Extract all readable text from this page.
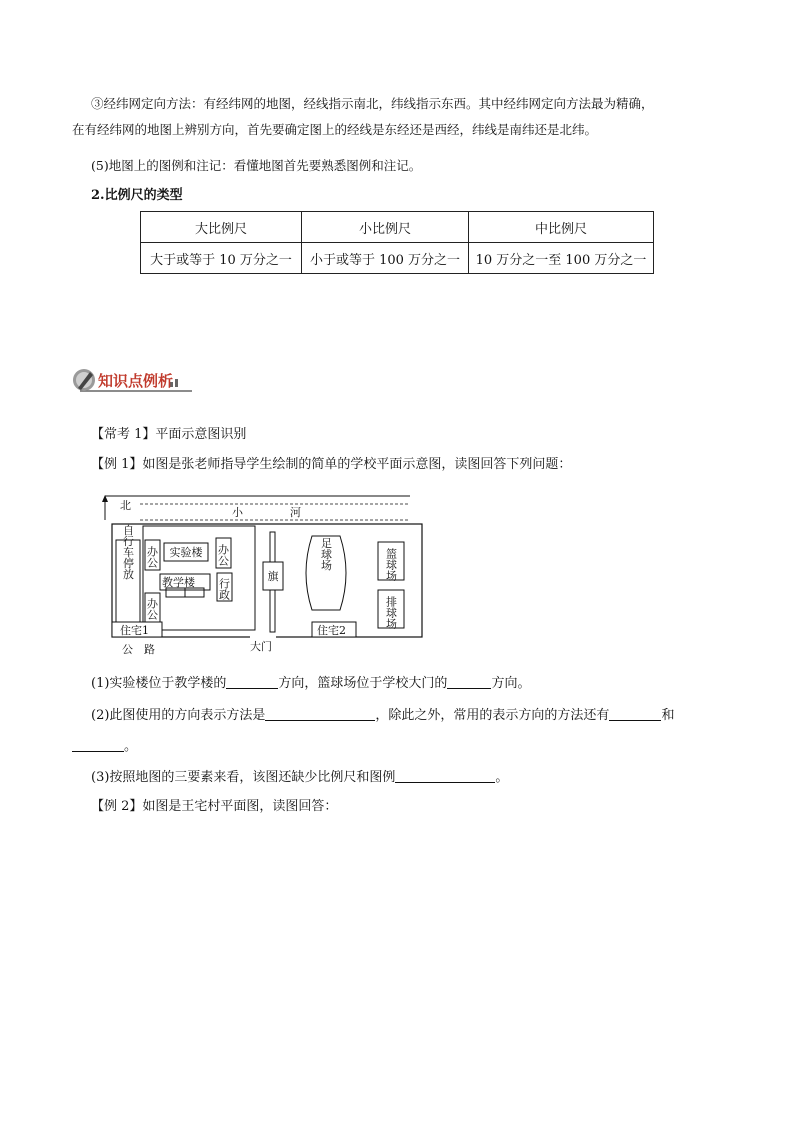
③经纬网定向方法：有经纬网的地图，经线指示南北，纬线指示东西。其中经纬网定向方法最为精确，
在有经纬网的地图上辨别方向，首先要确定图上的经线是东经还是西经，纬线是南纬还是北纬。
(5)地图上的图例和注记：看懂地图首先要熟悉图例和注记。
2.比例尺的类型
大比例尺	小比例尺	中比例尺
大于或等于 10 万分之一	小于或等于 100 万分之一	10 万分之一至 100 万分之一
知识点例析
【常考 1】平面示意图识别
【例 1】如图是张老师指导学生绘制的简单的学校平面示意图，读图回答下列问题：
北
小	河
自行车停放 办公 实验楼 办公
教学楼 行政
办公
旗
足球场	篮球场
排球场
住宅1	住宅2
大门
公　路
(1)实验楼位于教学楼的	方向，篮球场位于学校大门的	方向。
(2)此图使用的方向表示方法是	，除此之外，常用的表示方向的方法还有	和
。
(3)按照地图的三要素来看，该图还缺少比例尺和图例	。
【例 2】如图是王宅村平面图，读图回答：
